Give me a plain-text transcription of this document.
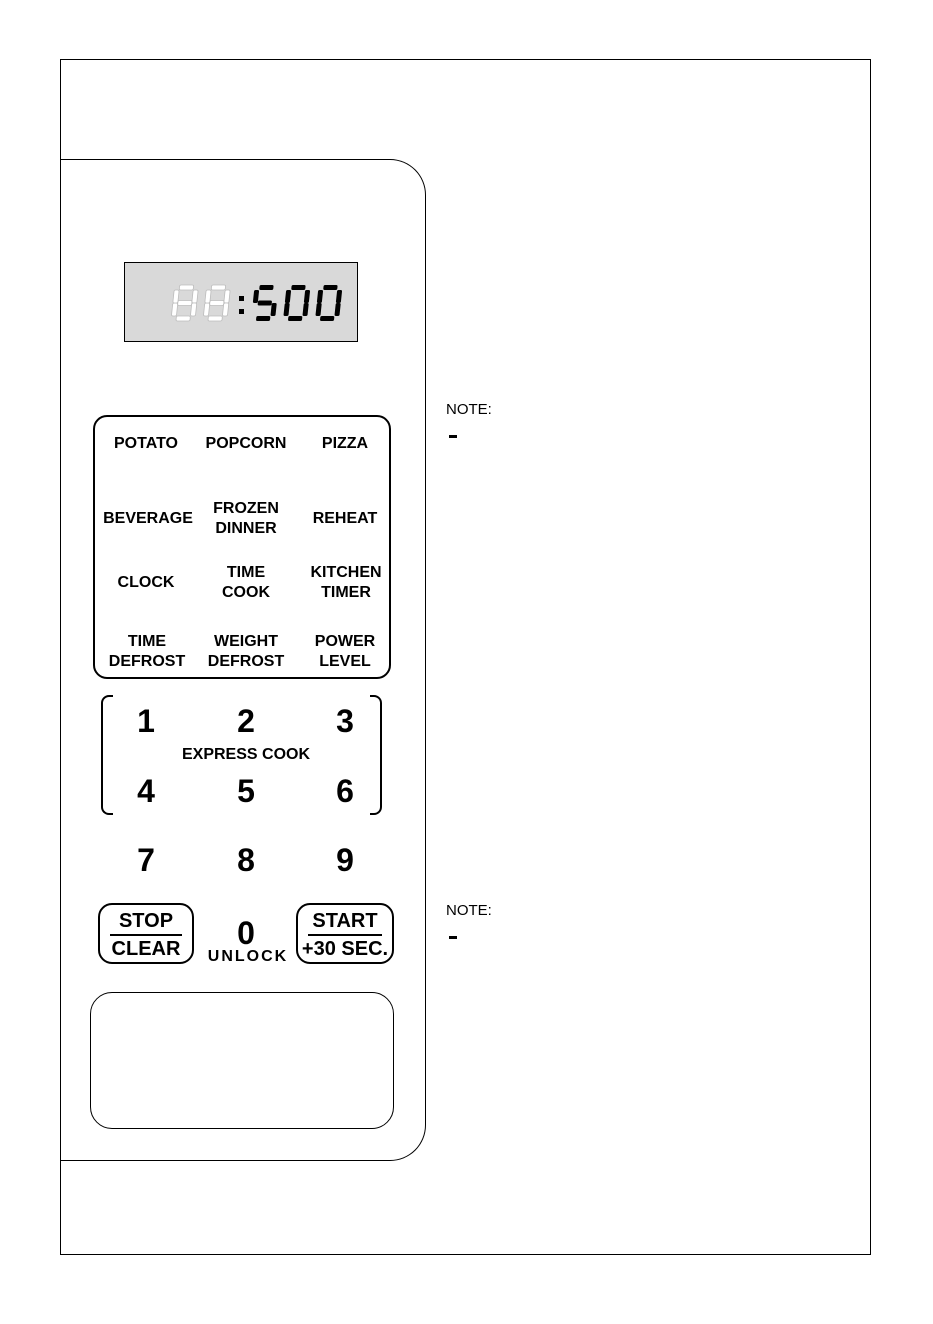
POTATO POPCORN PIZZA
BEVERAGE
FROZEN
DINNER
REHEAT
CLOCK
TIME
COOK
KITCHEN
TIMER
TIME
DEFROST
WEIGHT
DEFROST
POWER
LEVEL
1	2	3
EXPRESS COOK
4	5	6
7	8	9
STOP
CLEAR	0
UNLOCK
START
+30 SEC.
NOTE:
NOTE:
